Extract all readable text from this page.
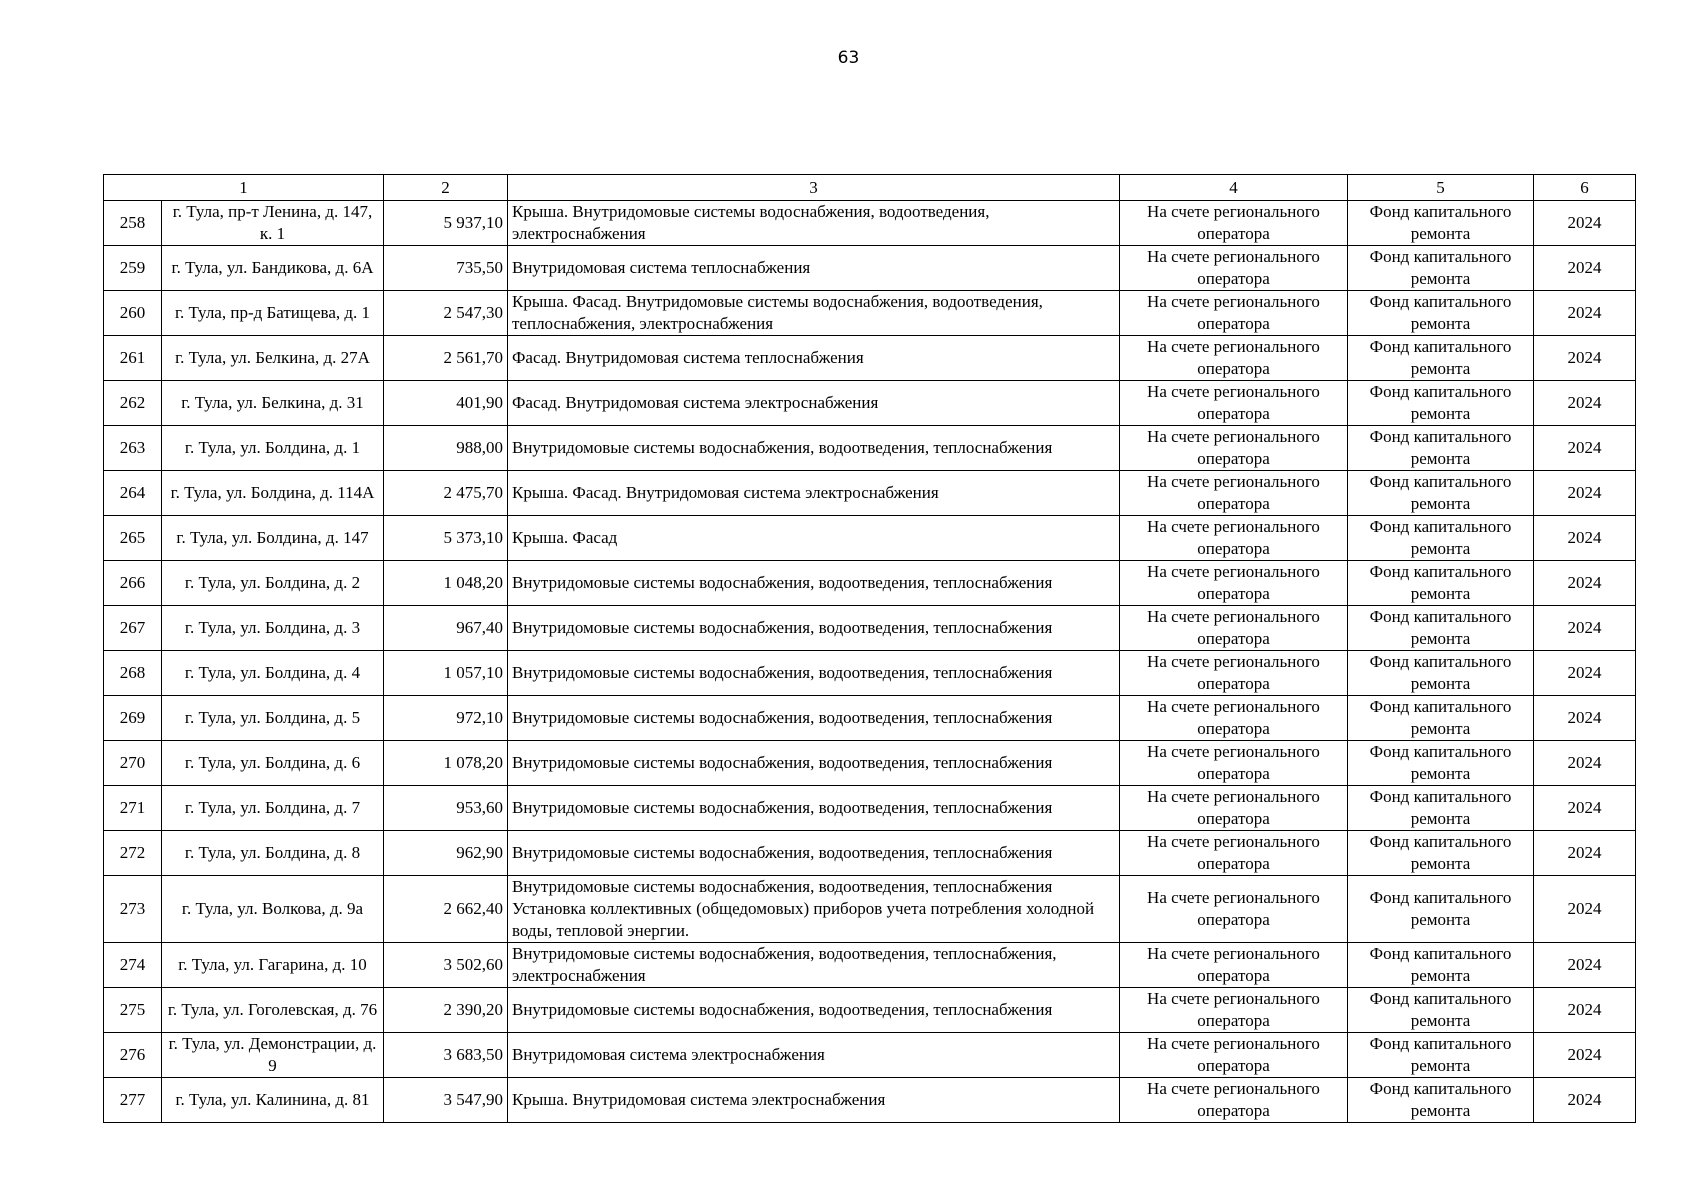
63
1		2	3	4	5	6
258	г. Тула, пр-т Ленина, д. 147, к. 1	5 937,10	Крыша. Внутридомовые системы водоснабжения, водоотведения, электроснабжения	На счете регионального оператора	Фонд капитального ремонта	2024
259	г. Тула, ул. Бандикова, д. 6А	735,50	Внутридомовая система теплоснабжения	На счете регионального оператора	Фонд капитального ремонта	2024
260	г. Тула, пр-д Батищева, д. 1	2 547,30	Крыша. Фасад. Внутридомовые системы водоснабжения, водоотведения, теплоснабжения, электроснабжения	На счете регионального оператора	Фонд капитального ремонта	2024
261	г. Тула, ул. Белкина, д. 27А	2 561,70	Фасад. Внутридомовая система теплоснабжения	На счете регионального оператора	Фонд капитального ремонта	2024
262	г. Тула, ул. Белкина, д. 31	401,90	Фасад. Внутридомовая система электроснабжения	На счете регионального оператора	Фонд капитального ремонта	2024
263	г. Тула, ул. Болдина, д. 1	988,00	Внутридомовые системы водоснабжения, водоотведения, теплоснабжения	На счете регионального оператора	Фонд капитального ремонта	2024
264	г. Тула, ул. Болдина, д. 114А	2 475,70	Крыша. Фасад. Внутридомовая система электроснабжения	На счете регионального оператора	Фонд капитального ремонта	2024
265	г. Тула, ул. Болдина, д. 147	5 373,10	Крыша. Фасад	На счете регионального оператора	Фонд капитального ремонта	2024
266	г. Тула, ул. Болдина, д. 2	1 048,20	Внутридомовые системы водоснабжения, водоотведения, теплоснабжения	На счете регионального оператора	Фонд капитального ремонта	2024
267	г. Тула, ул. Болдина, д. 3	967,40	Внутридомовые системы водоснабжения, водоотведения, теплоснабжения	На счете регионального оператора	Фонд капитального ремонта	2024
268	г. Тула, ул. Болдина, д. 4	1 057,10	Внутридомовые системы водоснабжения, водоотведения, теплоснабжения	На счете регионального оператора	Фонд капитального ремонта	2024
269	г. Тула, ул. Болдина, д. 5	972,10	Внутридомовые системы водоснабжения, водоотведения, теплоснабжения	На счете регионального оператора	Фонд капитального ремонта	2024
270	г. Тула, ул. Болдина, д. 6	1 078,20	Внутридомовые системы водоснабжения, водоотведения, теплоснабжения	На счете регионального оператора	Фонд капитального ремонта	2024
271	г. Тула, ул. Болдина, д. 7	953,60	Внутридомовые системы водоснабжения, водоотведения, теплоснабжения	На счете регионального оператора	Фонд капитального ремонта	2024
272	г. Тула, ул. Болдина, д. 8	962,90	Внутридомовые системы водоснабжения, водоотведения, теплоснабжения	На счете регионального оператора	Фонд капитального ремонта	2024
273	г. Тула, ул. Волкова, д. 9а	2 662,40	Внутридомовые системы водоснабжения, водоотведения, теплоснабжения Установка коллективных (общедомовых) приборов учета потребления холодной воды, тепловой энергии.	На счете регионального оператора	Фонд капитального ремонта	2024
274	г. Тула, ул. Гагарина, д. 10	3 502,60	Внутридомовые системы водоснабжения, водоотведения, теплоснабжения, электроснабжения	На счете регионального оператора	Фонд капитального ремонта	2024
275	г. Тула, ул. Гоголевская, д. 76	2 390,20	Внутридомовые системы водоснабжения, водоотведения, теплоснабжения	На счете регионального оператора	Фонд капитального ремонта	2024
276	г. Тула, ул. Демонстрации, д. 9	3 683,50	Внутридомовая система электроснабжения	На счете регионального оператора	Фонд капитального ремонта	2024
277	г. Тула, ул. Калинина, д. 81	3 547,90	Крыша. Внутридомовая система электроснабжения	На счете регионального оператора	Фонд капитального ремонта	2024
